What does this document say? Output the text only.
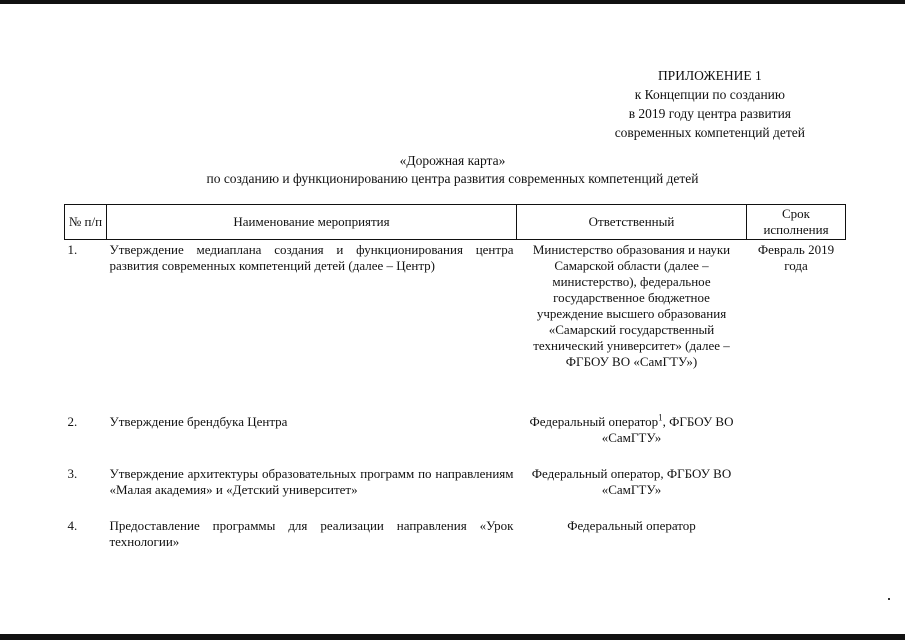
ПРИЛОЖЕНИЕ 1
к Концепции по созданию
в 2019 году центра развития
современных компетенций детей
«Дорожная карта»
по созданию и функционированию центра развития современных компетенций детей
№ п/п	Наименование мероприятия	Ответственный	Срок исполнения
1.	Утверждение медиаплана создания и функционирования центра развития современных компетенций детей (далее – Центр)	Министерство образования и науки Самарской области (далее – министерство), федеральное государственное бюджетное учреждение высшего образования «Самарский государственный технический университет» (далее – ФГБОУ ВО «СамГТУ»)	Февраль 2019 года
2.	Утверждение брендбука Центра	Федеральный оператор$^1$, ФГБОУ ВО «СамГТУ»	
3.	Утверждение архитектуры образовательных программ по направлениям «Малая академия» и «Детский университет»	Федеральный оператор, ФГБОУ ВО «СамГТУ»	
4.	Предоставление программы для реализации направления «Урок технологии»	Федеральный оператор	
